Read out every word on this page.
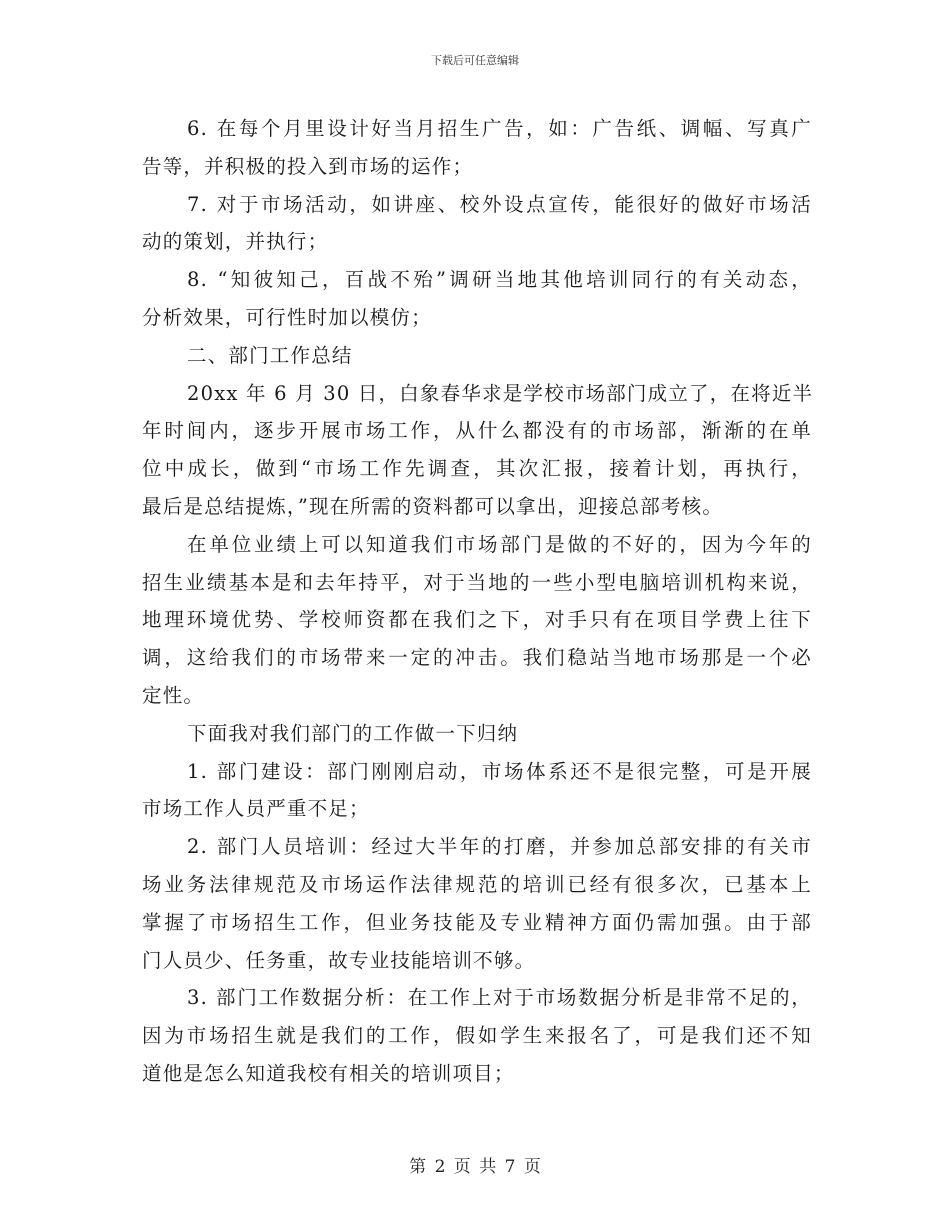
下载后可任意编辑
6. 在每个月里设计好当月招生广告，如：广告纸、调幅、写真广
告等，并积极的投入到市场的运作；
7. 对于市场活动，如讲座、校外设点宣传，能很好的做好市场活
动的策划，并执行；
8. “知彼知己，百战不殆”调研当地其他培训同行的有关动态，
分析效果，可行性时加以模仿；
二、部门工作总结
20xx 年 6 月 30 日，白象春华求是学校市场部门成立了，在将近半
年时间内，逐步开展市场工作，从什么都没有的市场部，渐渐的在单
位中成长，做到“市场工作先调查，其次汇报，接着计划，再执行，
最后是总结提炼，”现在所需的资料都可以拿出，迎接总部考核。
在单位业绩上可以知道我们市场部门是做的不好的，因为今年的
招生业绩基本是和去年持平，对于当地的一些小型电脑培训机构来说，
地理环境优势、学校师资都在我们之下，对手只有在项目学费上往下
调，这给我们的市场带来一定的冲击。我们稳站当地市场那是一个必
定性。
下面我对我们部门的工作做一下归纳
1. 部门建设：部门刚刚启动，市场体系还不是很完整，可是开展
市场工作人员严重不足；
2. 部门人员培训：经过大半年的打磨，并参加总部安排的有关市
场业务法律规范及市场运作法律规范的培训已经有很多次，已基本上
掌握了市场招生工作，但业务技能及专业精神方面仍需加强。由于部
门人员少、任务重，故专业技能培训不够。
3. 部门工作数据分析：在工作上对于市场数据分析是非常不足的，
因为市场招生就是我们的工作，假如学生来报名了，可是我们还不知
道他是怎么知道我校有相关的培训项目；
第 2 页 共 7 页
